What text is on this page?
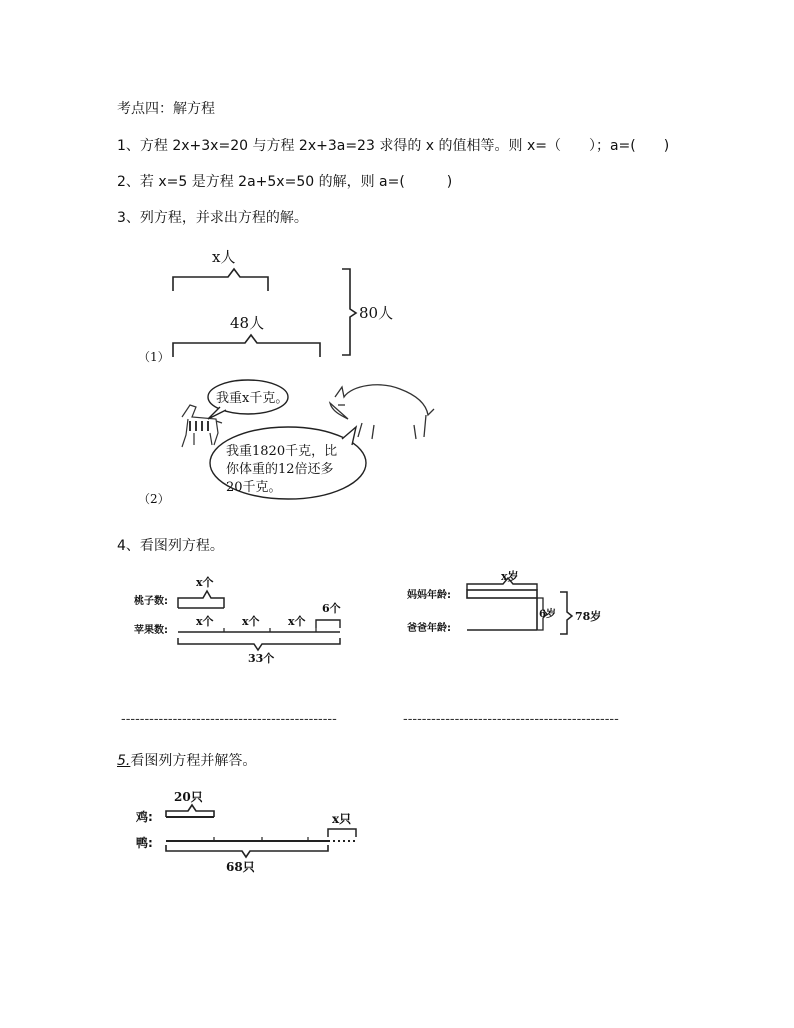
考点四：解方程
1、方程 2x+3x=20 与方程 2x+3a=23 求得的 x 的值相等。则 x=（　　）；a=(　　)
2、若 x=5 是方程 2a+5x=50 的解，则 a=(　　　)
3、列方程，并求出方程的解。
x人
48人
80人
（1）
我重x千克。
我重1820千克，比
你体重的12倍还多
20千克。
（2）
4、看图列方程。
x个
桃子数:
苹果数:
x个	x个	x个
6个
33个
x岁
妈妈年龄:
爸爸年龄:
6岁 78岁
----------------------------------------------	----------------------------------------------
5.看图列方程并解答。
20只
鸡:
鸭:
x只
68只
